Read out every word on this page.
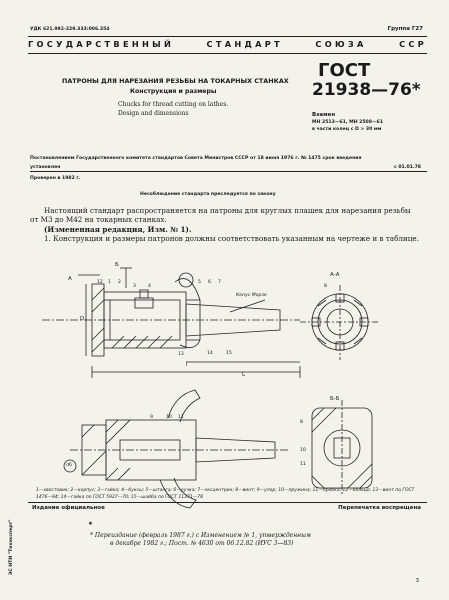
УДК 621.992-229.333:006.354	Группа Г27
ГОСУДАРСТВЕННЫЙ СТАНДАРТ СОЮЗА ССР
ПАТРОНЫ ДЛЯ НАРЕЗАНИЯ РЕЗЬБЫ НА ТОКАРНЫХ СТАНКАХ
Конструкция и размеры
Chucks for thread cutting on lathes.
Design and dimensions
ГОСТ
21938—76*
Взамен
МН 2513—61, МН 2508—61
в части колец с D > 30 мм
Постановлением Государственного комитета стандартов Совета Министров СССР от 18 июня 1976 г. № 1475 срок введения
установлен	с 01.01.78
Проверен в 1982 г.
Несоблюдение стандарта преследуется по закону
Настоящий стандарт распространяется на патроны для круглых плашек для нарезания резьбы от М3 до М42 на токарных станках.
(Измененная редакция, Изм. № 1).
1. Конструкция и размеры патронов должны соответствовать указанным на чертеже и в таблице.
А
Б
L
l
D
Конус Морзе
А-А
Б-Б
12 1 2
3	4
5 6 7
8
9	10 11
14	15
13
d6
8
10
11
1—хвостовик; 2—корпус; 3—гайка; 4—буксы; 5—штанга; 6—ручка; 7—эксцентрик; 8—винт; 9—упор; 10—пружина; 11—пробка; 12—кольцо; 13—винт по ГОСТ 1476—84; 14—гайка по ГОСТ 5927—70; 15—шайба по ГОСТ 11371—78
Издание официальное	Перепечатка воспрещена
★
* Переиздание (февраль 1987 г.) с Изменением № 1, утвержденным
в декабре 1982 г.; Пост. № 4630 от 06.12.82 (ИУС 3—83)
ЭС НТИ "Техэксперт"
3
